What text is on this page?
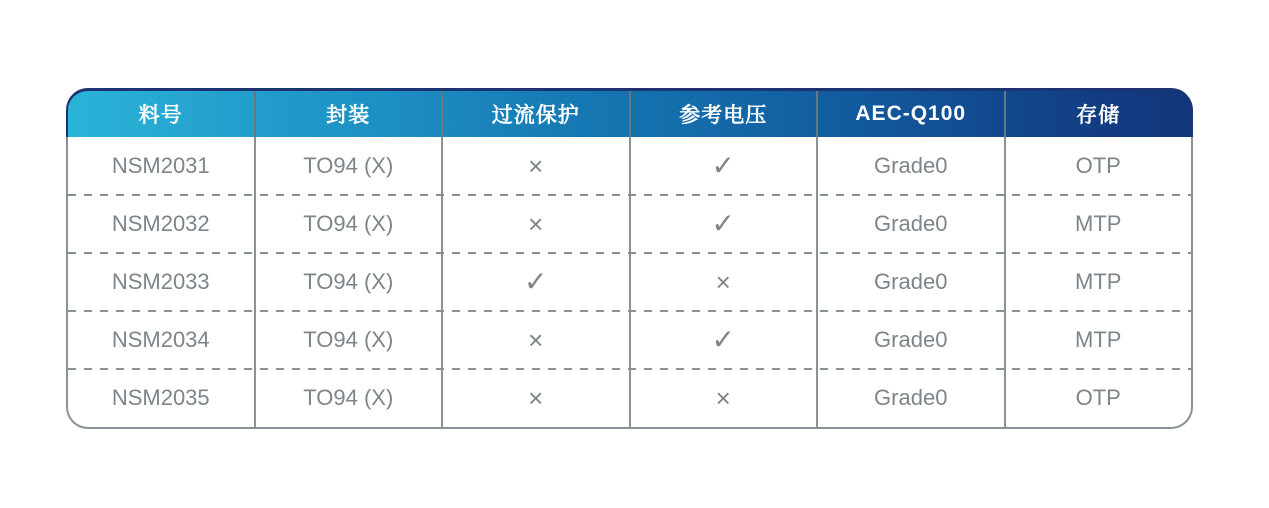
料号	封装	过流保护	参考电压	AEC-Q100	存储
NSM2031	TO94 (X)	×	✓	Grade0	OTP
NSM2032	TO94 (X)	×	✓	Grade0	MTP
NSM2033	TO94 (X)	✓	×	Grade0	MTP
NSM2034	TO94 (X)	×	✓	Grade0	MTP
NSM2035	TO94 (X)	×	×	Grade0	OTP
